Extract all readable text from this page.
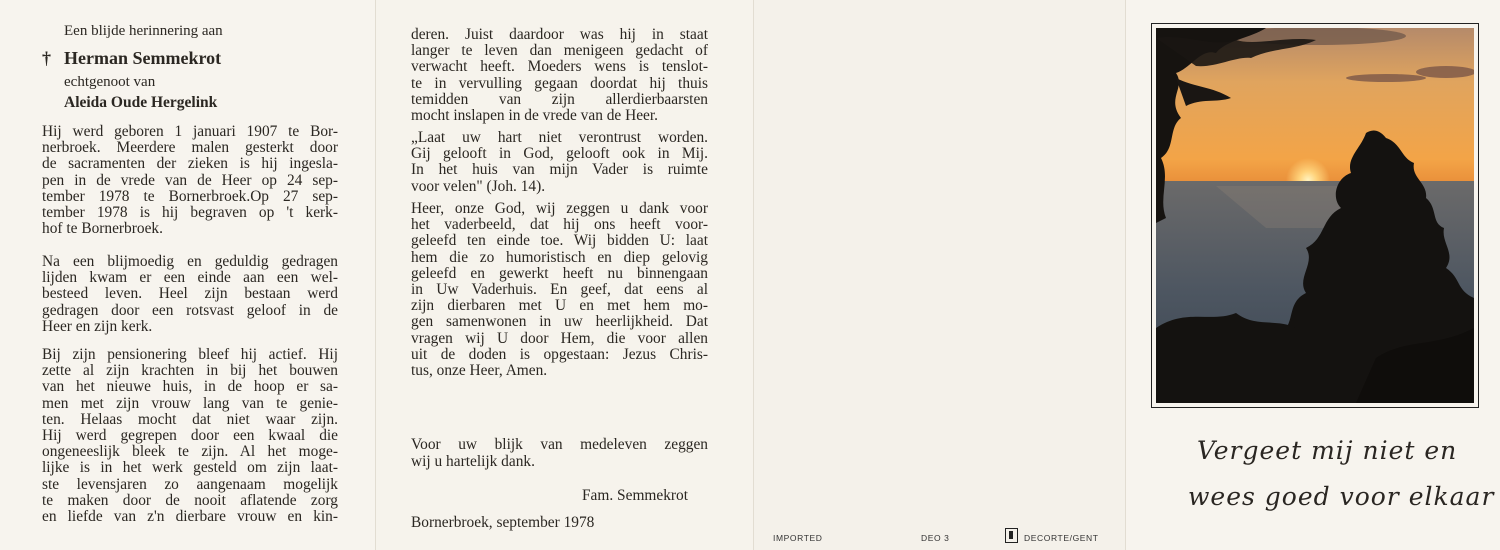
Een blijde herinnering aan
† Herman Semmekrot
echtgenoot van
Aleida Oude Hergelink
Hij werd geboren 1 januari 1907 te Bor-
nerbroek. Meerdere malen gesterkt door
de sacramenten der zieken is hij ingesla-
pen in de vrede van de Heer op 24 sep-
tember 1978 te Bornerbroek.Op 27 sep-
tember 1978 is hij begraven op 't kerk-
hof te Bornerbroek.
Na een blijmoedig en geduldig gedragen
lijden kwam er een einde aan een wel-
besteed leven. Heel zijn bestaan werd
gedragen door een rotsvast geloof in de
Heer en zijn kerk.
Bij zijn pensionering bleef hij actief. Hij
zette al zijn krachten in bij het bouwen
van het nieuwe huis, in de hoop er sa-
men met zijn vrouw lang van te genie-
ten. Helaas mocht dat niet waar zijn.
Hij werd gegrepen door een kwaal die
ongeneeslijk bleek te zijn. Al het moge-
lijke is in het werk gesteld om zijn laat-
ste levensjaren zo aangenaam mogelijk
te maken door de nooit aflatende zorg
en liefde van z'n dierbare vrouw en kin-
deren. Juist daardoor was hij in staat
langer te leven dan menigeen gedacht of
verwacht heeft. Moeders wens is tenslot-
te in vervulling gegaan doordat hij thuis
temidden van zijn allerdierbaarsten
mocht inslapen in de vrede van de Heer.
„Laat uw hart niet verontrust worden.
Gij gelooft in God, gelooft ook in Mij.
In het huis van mijn Vader is ruimte
voor velen" (Joh. 14).
Heer, onze God, wij zeggen u dank voor
het vaderbeeld, dat hij ons heeft voor-
geleefd ten einde toe. Wij bidden U: laat
hem die zo humoristisch en diep gelovig
geleefd en gewerkt heeft nu binnengaan
in Uw Vaderhuis. En geef, dat eens al
zijn dierbaren met U en met hem mo-
gen samenwonen in uw heerlijkheid. Dat
vragen wij U door Hem, die voor allen
uit de doden is opgestaan: Jezus Chris-
tus, onze Heer, Amen.
Voor uw blijk van medeleven zeggen
wij u hartelijk dank.
Fam. Semmekrot
Bornerbroek, september 1978
IMPORTED	DEO 3	DECORTE/GENT
Vergeet mij niet en
wees goed voor elkaar
